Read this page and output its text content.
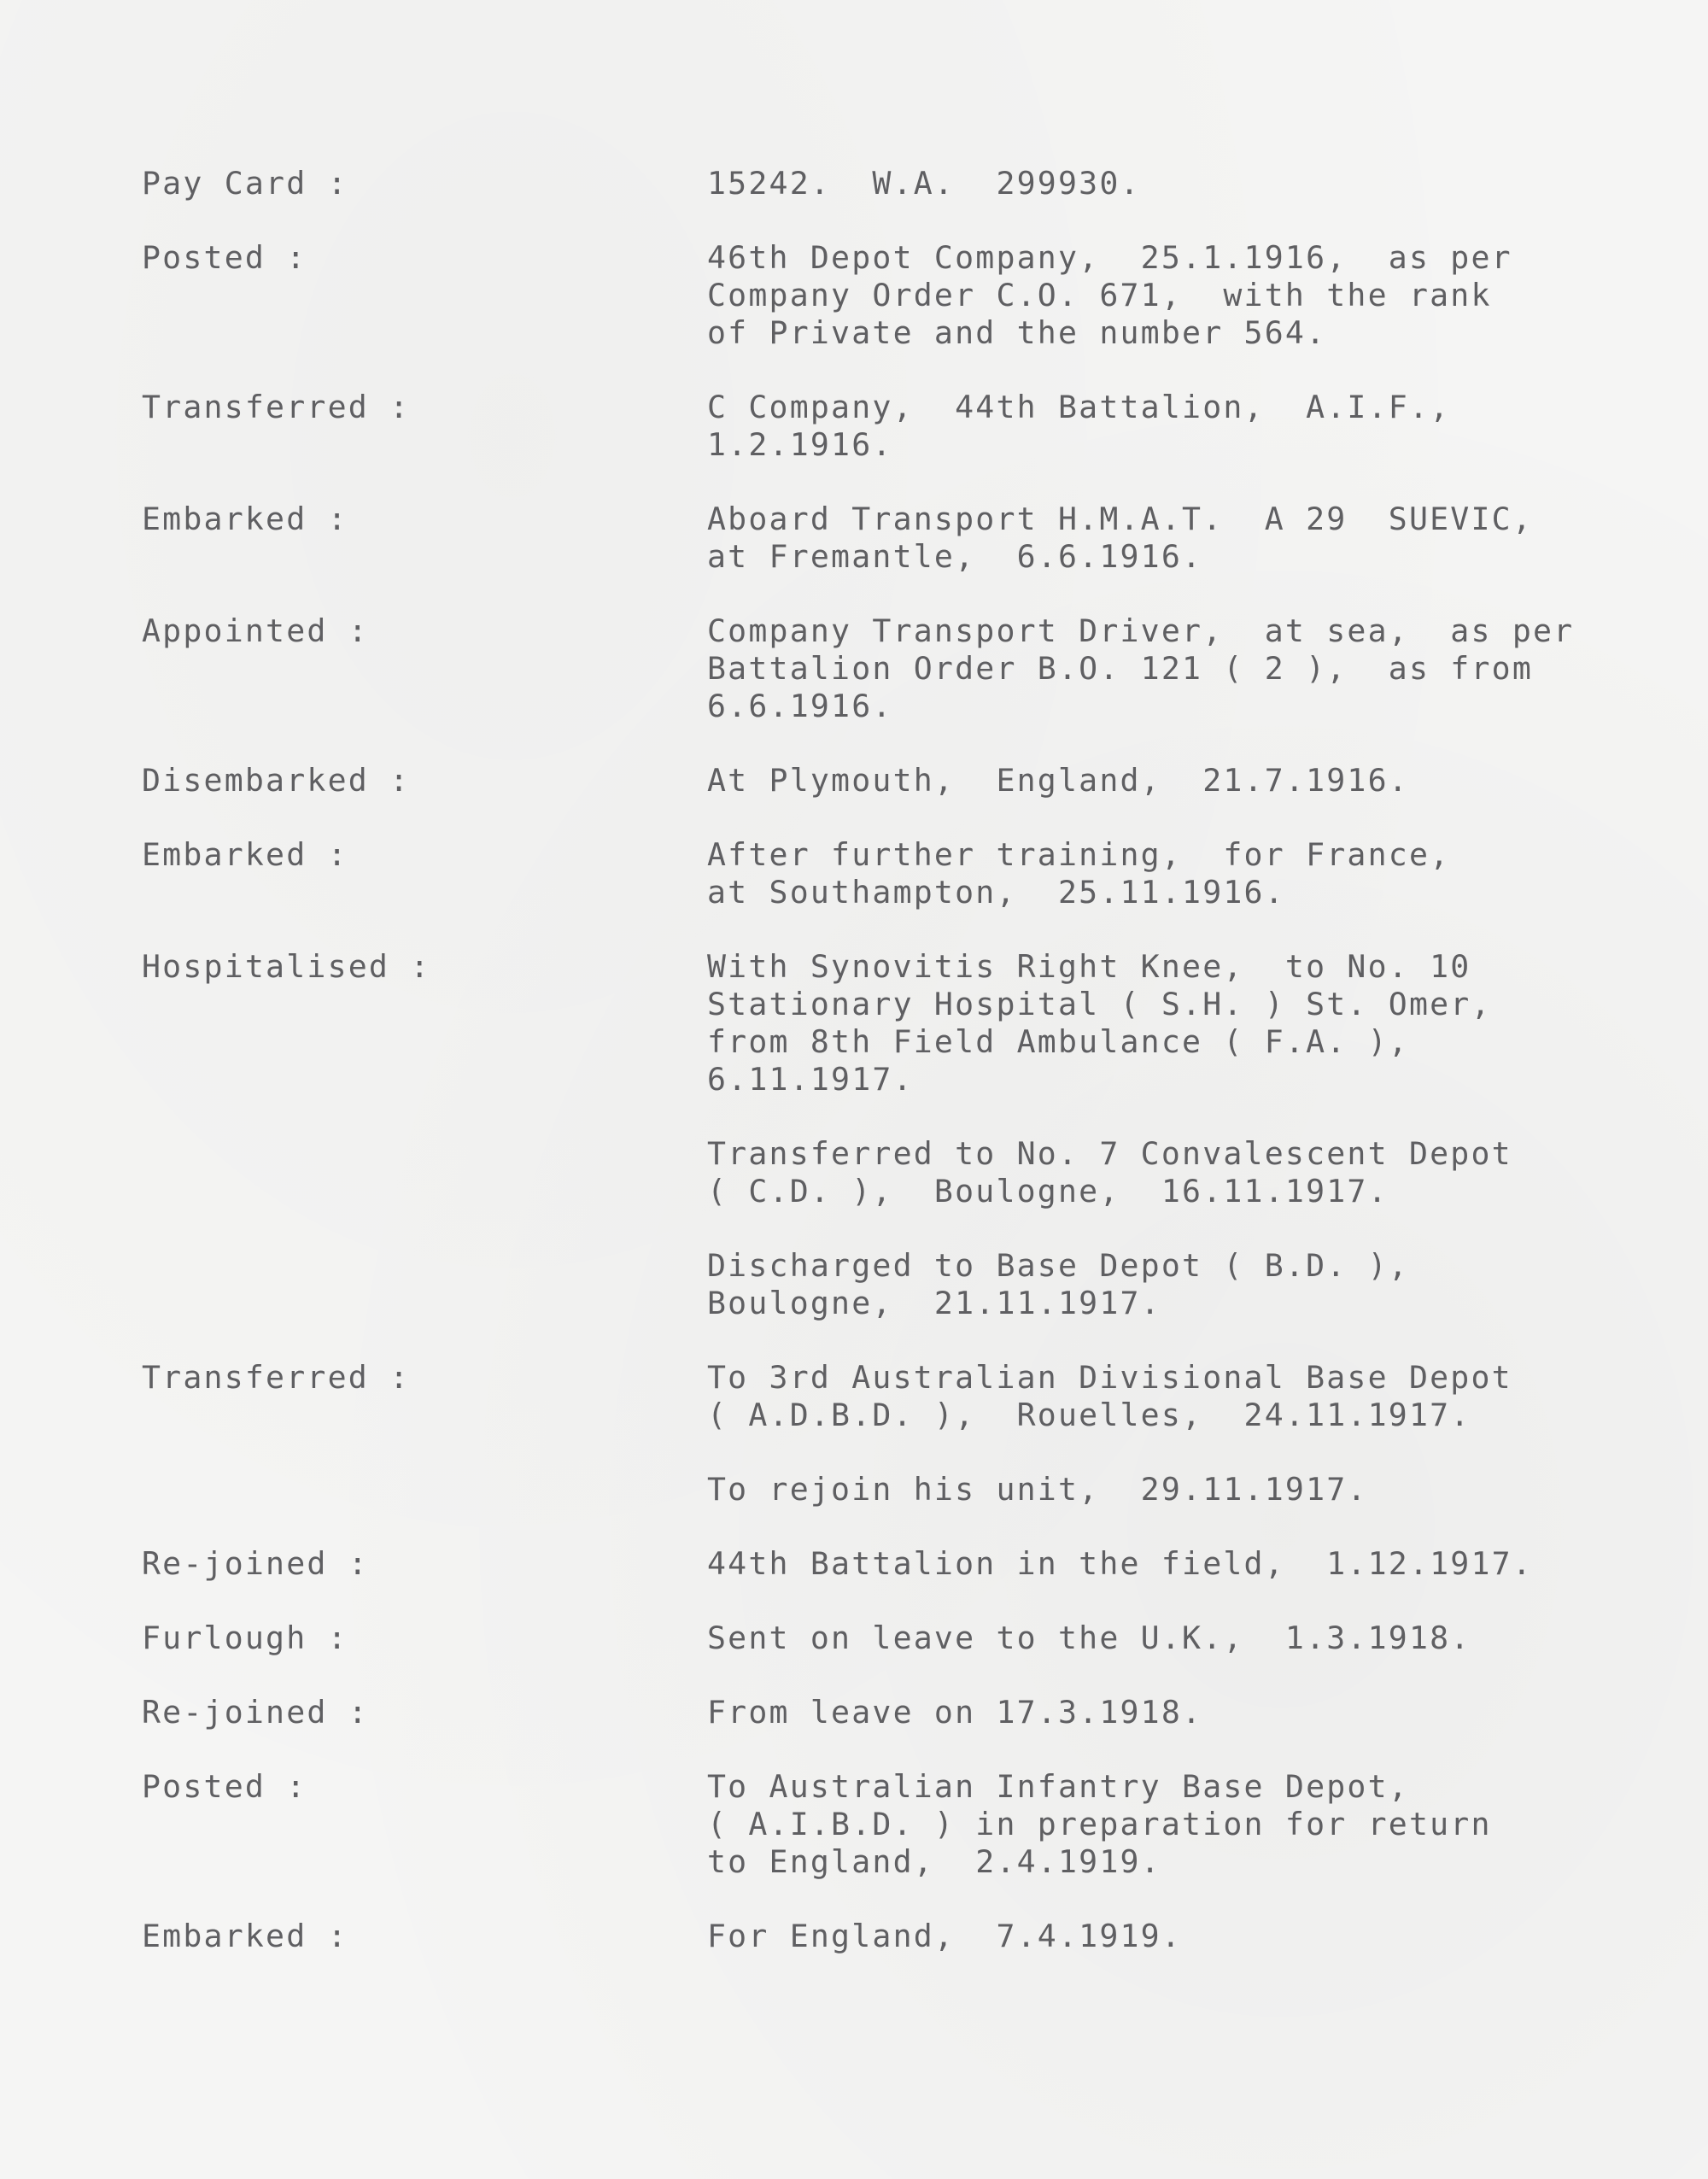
Pay Card :	15242.  W.A.  299930.
Posted :	46th Depot Company,  25.1.1916,  as per
Company Order C.O. 671,  with the rank
of Private and the number 564.
Transferred :	C Company,  44th Battalion,  A.I.F.,
1.2.1916.
Embarked :	Aboard Transport H.M.A.T.  A 29  SUEVIC,
at Fremantle,  6.6.1916.
Appointed :	Company Transport Driver,  at sea,  as per
Battalion Order B.O. 121 ( 2 ),  as from
6.6.1916.
Disembarked :	At Plymouth,  England,  21.7.1916.
Embarked :	After further training,  for France,
at Southampton,  25.11.1916.
Hospitalised :	With Synovitis Right Knee,  to No. 10
Stationary Hospital ( S.H. ) St. Omer,
from 8th Field Ambulance ( F.A. ),
6.11.1917.
Transferred to No. 7 Convalescent Depot
( C.D. ),  Boulogne,  16.11.1917.
Discharged to Base Depot ( B.D. ),
Boulogne,  21.11.1917.
Transferred :	To 3rd Australian Divisional Base Depot
( A.D.B.D. ),  Rouelles,  24.11.1917.
To rejoin his unit,  29.11.1917.
Re-joined :	44th Battalion in the field,  1.12.1917.
Furlough :	Sent on leave to the U.K.,  1.3.1918.
Re-joined :	From leave on 17.3.1918.
Posted :	To Australian Infantry Base Depot,
( A.I.B.D. ) in preparation for return
to England,  2.4.1919.
Embarked :	For England,  7.4.1919.
